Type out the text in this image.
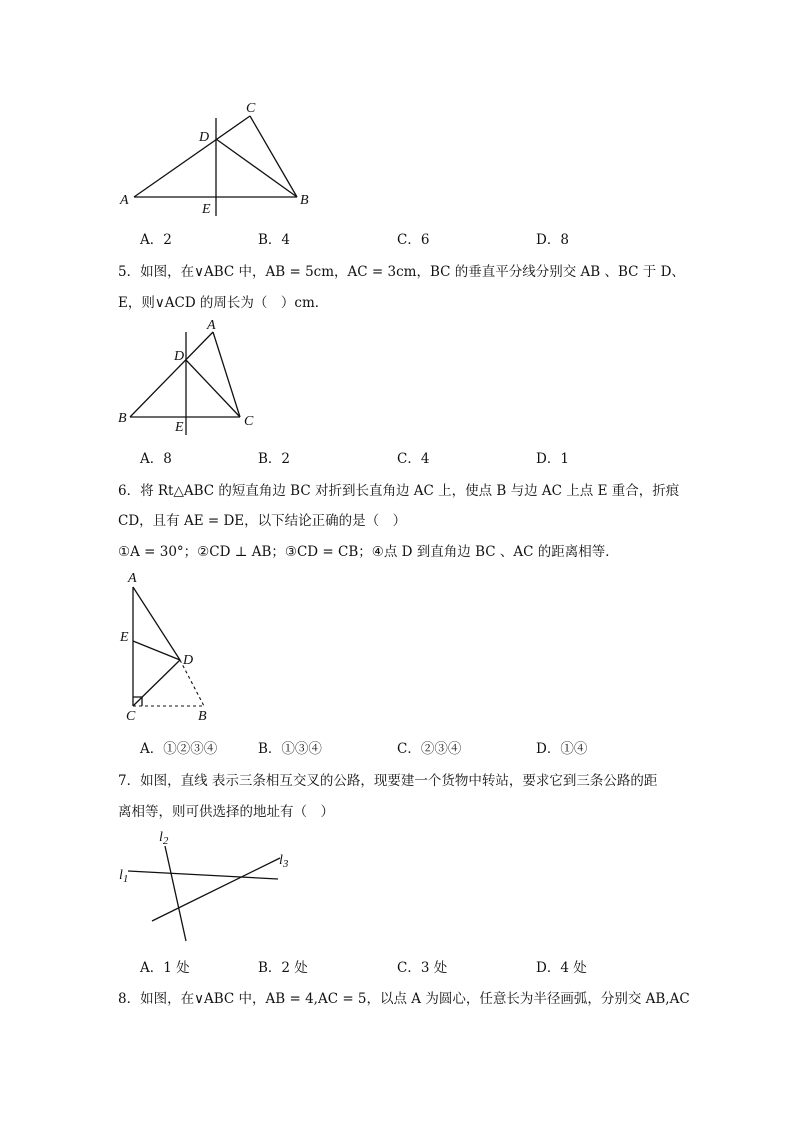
A	B
C
D
E
A．2	B．4	C．6	D．8
5．如图，在∨ABC 中，AB = 5cm，AC = 3cm，BC 的垂直平分线分别交 AB 、BC 于 D、
E，则∨ACD 的周长为（　）cm．
A
B	C
D
E
A．8	B．2	C．4	D．1
6．将 Rt△ABC 的短直角边 BC 对折到长直角边 AC 上，使点 B 与边 AC 上点 E 重合，折痕
CD，且有 AE = DE，以下结论正确的是（　）
①A = 30°；②CD ⊥ AB；③CD = CB；④点 D 到直角边 BC 、AC 的距离相等．
A
E
D
C	B
A．①②③④	B．①③④	C．②③④	D．①④
7．如图，直线 表示三条相互交叉的公路，现要建一个货物中转站，要求它到三条公路的距
离相等，则可供选择的地址有（　）
$l_1$
$l_2$
$l_3$
A．1 处	B．2 处	C．3 处	D．4 处
8．如图，在∨ABC 中，AB = 4,AC = 5，以点 A 为圆心，任意长为半径画弧，分别交 AB,AC
